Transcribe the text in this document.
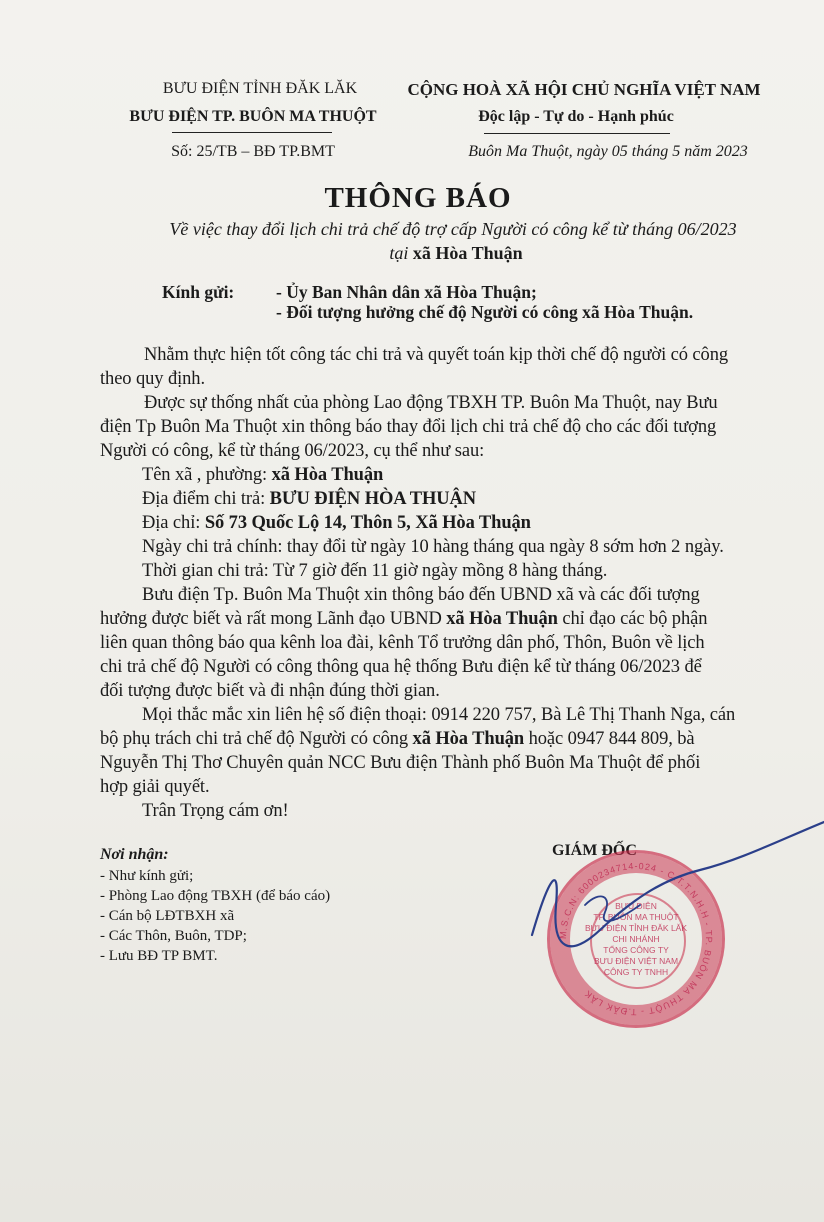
BƯU ĐIỆN TỈNH ĐĂK LĂK
BƯU ĐIỆN TP. BUÔN MA THUỘT
Số: 25/TB – BĐ TP.BMT
CỘNG HOÀ XÃ HỘI CHỦ NGHĨA VIỆT NAM
Độc lập - Tự do - Hạnh phúc
Buôn Ma Thuột, ngày 05 tháng 5 năm 2023
THÔNG BÁO
Về việc thay đổi lịch chi trả chế độ trợ cấp Người có công kể từ tháng 06/2023
tại xã Hòa Thuận
Kính gửi: - Ủy Ban Nhân dân xã Hòa Thuận;
- Đối tượng hưởng chế độ Người có công xã Hòa Thuận.
Nhằm thực hiện tốt công tác chi trả và quyết toán kịp thời chế độ người có công
theo quy định.
Được sự thống nhất của phòng Lao động TBXH TP. Buôn Ma Thuột, nay Bưu
điện Tp Buôn Ma Thuột xin thông báo thay đổi lịch chi trả chế độ cho các đối tượng
Người có công, kể từ tháng 06/2023, cụ thể như sau:
Tên xã , phường: xã Hòa Thuận
Địa điểm chi trả: BƯU ĐIỆN HÒA THUẬN
Địa chỉ: Số 73 Quốc Lộ 14, Thôn 5, Xã Hòa Thuận
Ngày chi trả chính: thay đổi từ ngày 10 hàng tháng qua ngày 8 sớm hơn 2 ngày.
Thời gian chi trả: Từ 7 giờ đến 11 giờ ngày mồng 8 hàng tháng.
Bưu điện Tp. Buôn Ma Thuột xin thông báo đến UBND xã và các đối tượng
hưởng được biết và rất mong Lãnh đạo UBND xã Hòa Thuận chỉ đạo các bộ phận
liên quan thông báo qua kênh loa đài, kênh Tổ trưởng dân phố, Thôn, Buôn về lịch
chi trả chế độ Người có công thông qua hệ thống Bưu điện kể từ tháng 06/2023 để
đối tượng được biết và đi nhận đúng thời gian.
Mọi thắc mắc xin liên hệ số điện thoại: 0914 220 757, Bà Lê Thị Thanh Nga, cán
bộ phụ trách chi trả chế độ Người có công xã Hòa Thuận hoặc 0947 844 809, bà
Nguyễn Thị Thơ Chuyên quản NCC Bưu điện Thành phố Buôn Ma Thuột để phối
hợp giải quyết.
Trân Trọng cám ơn!
Nơi nhận:
- Như kính gửi;
- Phòng Lao động TBXH (để báo cáo)
- Cán bộ LĐTBXH xã
- Các Thôn, Buôn, TDP;
- Lưu BĐ TP BMT.
GIÁM ĐỐC
BƯU ĐIỆN
TP. BUÔN MA THUỘT
BƯU ĐIỆN TỈNH ĐĂK LĂK
CHI NHÁNH
TỔNG CÔNG TY
BƯU ĐIỆN VIỆT NAM
CÔNG TY TNHH
M.S.C.N: 6000234714-024 - C.T.T.N.H.H - TP. BUÔN MA THUỘT - T.ĐĂK LĂK
